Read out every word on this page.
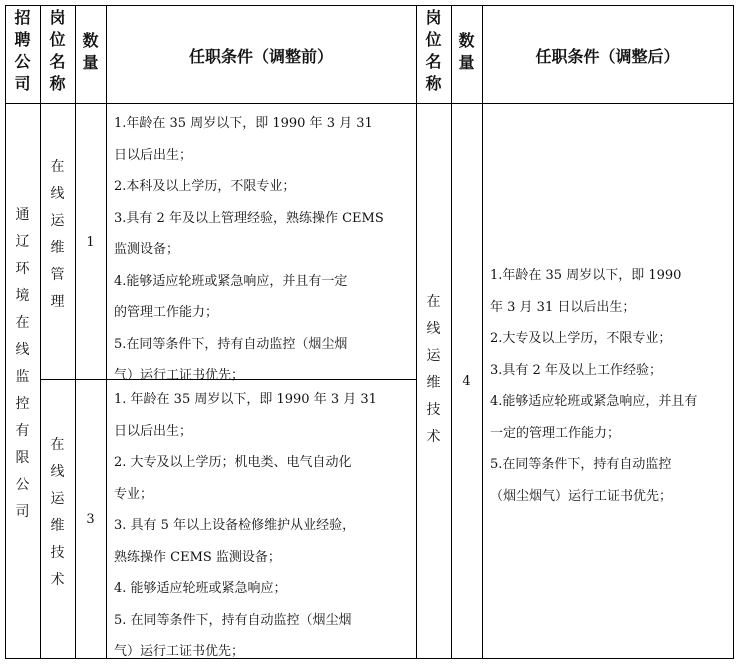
招
聘
公
司
岗
位
名
称
数
量	任职条件（调整前）
岗
位
名
称
数
量	任职条件（调整后）
通
辽
环
境
在
线
监
控
有
限
公
司
在
线
运
维
管
理
1
1.年龄在 35 周岁以下，即 1990 年 3 月 31
日以后出生；
2.本科及以上学历，不限专业；
3.具有 2 年及以上管理经验，熟练操作 CEMS
监测设备；
4.能够适应轮班或紧急响应，并且有一定
的管理工作能力；
5.在同等条件下，持有自动监控（烟尘烟
气）运行工证书优先；
在
线
运
维
技
术
3
1. 年龄在 35 周岁以下，即 1990 年 3 月 31
日以后出生；
2. 大专及以上学历；机电类、电气自动化
专业；
3. 具有 5 年以上设备检修维护从业经验，
熟练操作 CEMS 监测设备；
4. 能够适应轮班或紧急响应；
5. 在同等条件下，持有自动监控（烟尘烟
气）运行工证书优先；
在
线
运
维
技
术
4
1.年龄在 35 周岁以下，即 1990
年 3 月 31 日以后出生；
2.大专及以上学历，不限专业；
3.具有 2 年及以上工作经验；
4.能够适应轮班或紧急响应，并且有
一定的管理工作能力；
5.在同等条件下，持有自动监控
（烟尘烟气）运行工证书优先；
